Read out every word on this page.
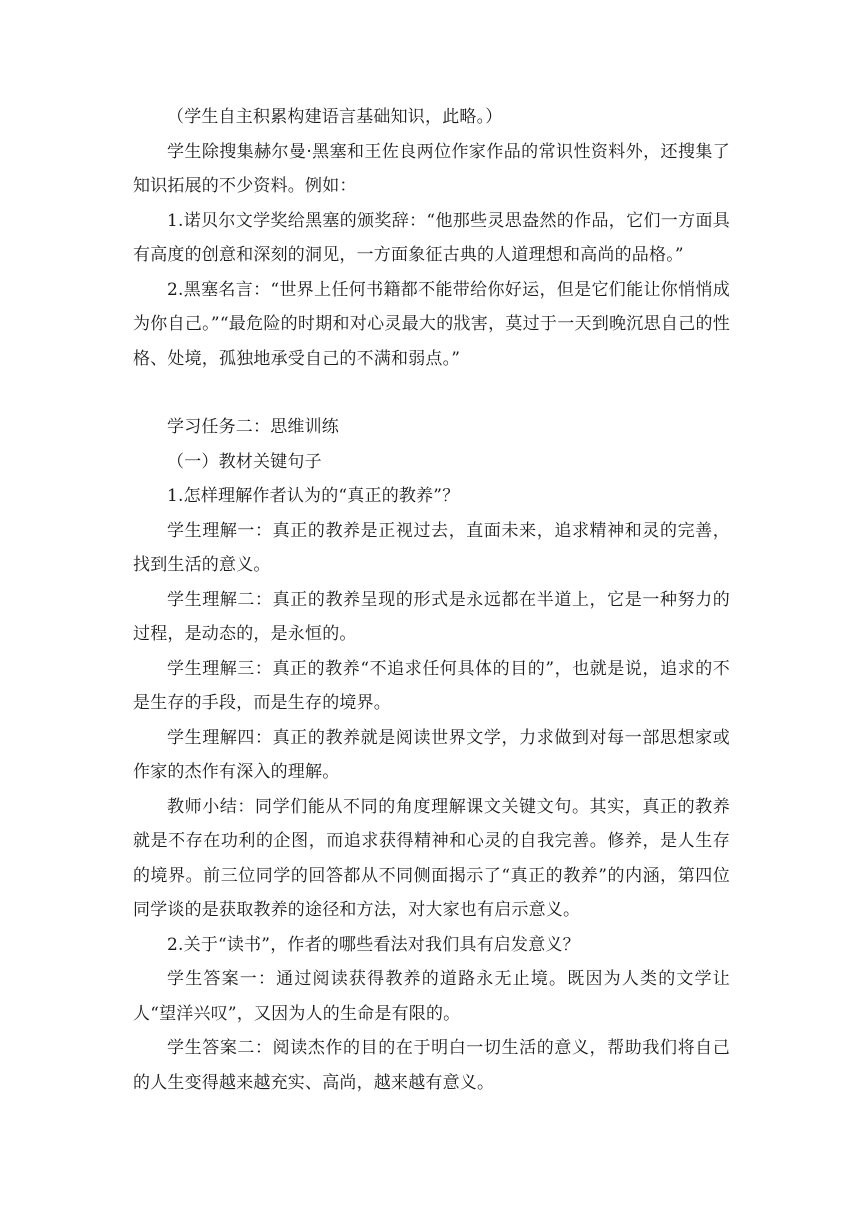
（学生自主积累构建语言基础知识，此略。）

学生除搜集赫尔曼·黑塞和王佐良两位作家作品的常识性资料外，还搜集了知识拓展的不少资料。例如：

1.诺贝尔文学奖给黑塞的颁奖辞：“他那些灵思盎然的作品，它们一方面具有高度的创意和深刻的洞见，一方面象征古典的人道理想和高尚的品格。”

2.黑塞名言：“世界上任何书籍都不能带给你好运，但是它们能让你悄悄成为你自己。”“最危险的时期和对心灵最大的戕害，莫过于一天到晚沉思自己的性格、处境，孤独地承受自己的不满和弱点。”

学习任务二：思维训练

（一）教材关键句子

1.怎样理解作者认为的“真正的教养”？

学生理解一：真正的教养是正视过去，直面未来，追求精神和灵的完善，找到生活的意义。

学生理解二：真正的教养呈现的形式是永远都在半道上，它是一种努力的过程，是动态的，是永恒的。

学生理解三：真正的教养“不追求任何具体的目的”，也就是说，追求的不是生存的手段，而是生存的境界。

学生理解四：真正的教养就是阅读世界文学，力求做到对每一部思想家或作家的杰作有深入的理解。

教师小结：同学们能从不同的角度理解课文关键文句。其实，真正的教养就是不存在功利的企图，而追求获得精神和心灵的自我完善。修养，是人生存的境界。前三位同学的回答都从不同侧面揭示了“真正的教养”的内涵，第四位同学谈的是获取教养的途径和方法，对大家也有启示意义。

2.关于“读书”，作者的哪些看法对我们具有启发意义？

学生答案一：通过阅读获得教养的道路永无止境。既因为人类的文学让人“望洋兴叹”，又因为人的生命是有限的。

学生答案二：阅读杰作的目的在于明白一切生活的意义，帮助我们将自己的人生变得越来越充实、高尚，越来越有意义。
